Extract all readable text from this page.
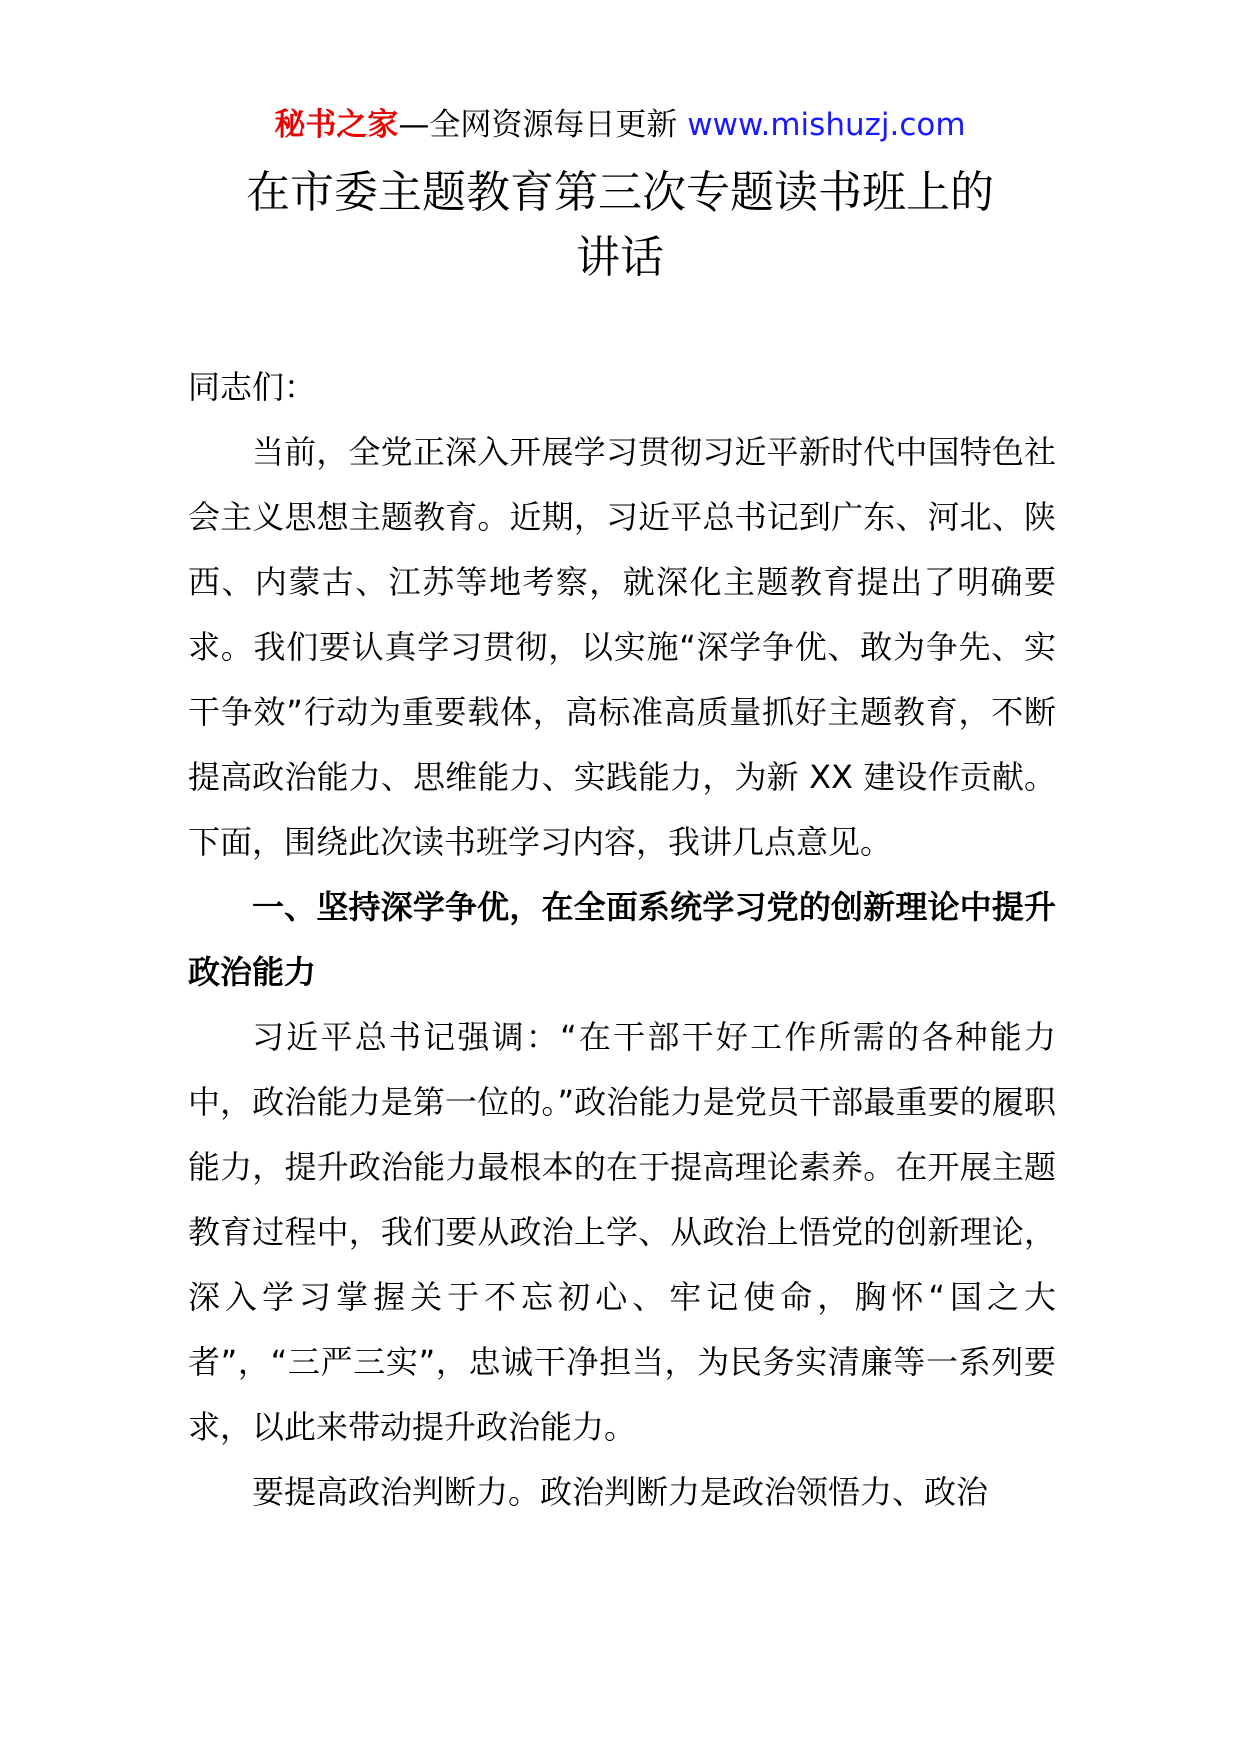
秘书之家—全网资源每日更新 www.mishuzj.com
在市委主题教育第三次专题读书班上的
讲话

同志们：

当前，全党正深入开展学习贯彻习近平新时代中国特色社会主义思想主题教育。近期，习近平总书记到广东、河北、陕西、内蒙古、江苏等地考察，就深化主题教育提出了明确要求。我们要认真学习贯彻，以实施“深学争优、敢为争先、实干争效”行动为重要载体，高标准高质量抓好主题教育，不断提高政治能力、思维能力、实践能力，为新 XX 建设作贡献。下面，围绕此次读书班学习内容，我讲几点意见。

一、坚持深学争优，在全面系统学习党的创新理论中提升政治能力

习近平总书记强调：“在干部干好工作所需的各种能力中，政治能力是第一位的。”政治能力是党员干部最重要的履职能力，提升政治能力最根本的在于提高理论素养。在开展主题教育过程中，我们要从政治上学、从政治上悟党的创新理论，深入学习掌握关于不忘初心、牢记使命，胸怀“国之大者”，“三严三实”，忠诚干净担当，为民务实清廉等一系列要求，以此来带动提升政治能力。

要提高政治判断力。政治判断力是政治领悟力、政治
